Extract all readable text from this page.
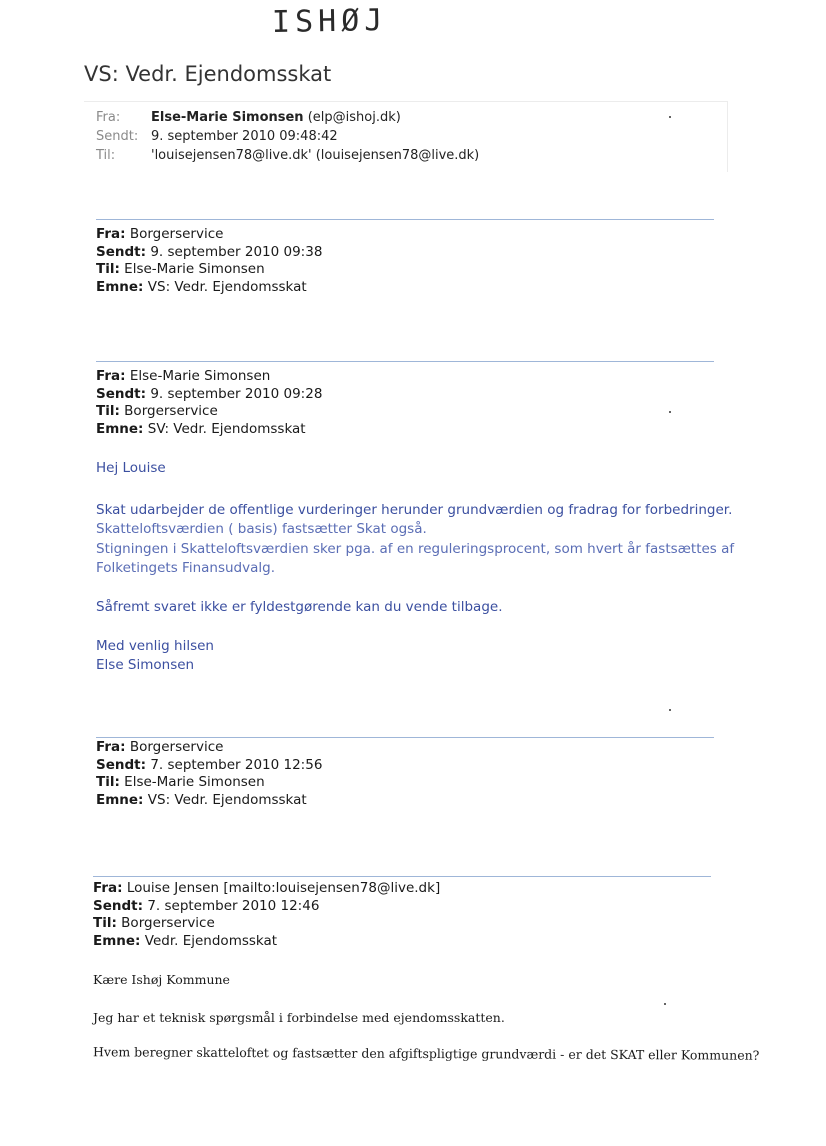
ISHØJ
VS: Vedr. Ejendomsskat
Fra: Else-Marie Simonsen (elp@ishoj.dk)
Sendt: 9. september 2010 09:48:42
Til:	'louisejensen78@live.dk' (louisejensen78@live.dk)
Fra: Borgerservice
Sendt: 9. september 2010 09:38
Til: Else-Marie Simonsen
Emne: VS: Vedr. Ejendomsskat
Fra: Else-Marie Simonsen
Sendt: 9. september 2010 09:28
Til: Borgerservice
Emne: SV: Vedr. Ejendomsskat
Hej Louise
Skat udarbejder de offentlige vurderinger herunder grundværdien og fradrag for forbedringer.
Skatteloftsværdien ( basis) fastsætter Skat også.
Stigningen i Skatteloftsværdien sker pga. af en reguleringsprocent, som hvert år fastsættes af
Folketingets Finansudvalg.
Såfremt svaret ikke er fyldestgørende kan du vende tilbage.
Med venlig hilsen
Else Simonsen
Fra: Borgerservice
Sendt: 7. september 2010 12:56
Til: Else-Marie Simonsen
Emne: VS: Vedr. Ejendomsskat
Fra: Louise Jensen [mailto:louisejensen78@live.dk]
Sendt: 7. september 2010 12:46
Til: Borgerservice
Emne: Vedr. Ejendomsskat
Kære Ishøj Kommune
Jeg har et teknisk spørgsmål i forbindelse med ejendomsskatten.
Hvem beregner skatteloftet og fastsætter den afgiftspligtige grundværdi - er det SKAT eller Kommunen?
